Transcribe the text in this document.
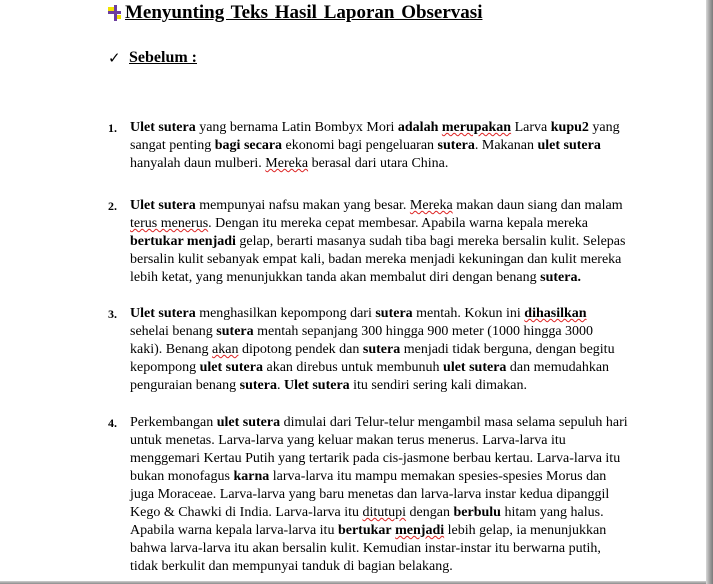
Menyunting Teks Hasil Laporan Observasi
✓ Sebelum :
1. Ulet sutera yang bernama Latin Bombyx Mori adalah merupakan Larva kupu2 yang sangat penting bagi secara ekonomi bagi pengeluaran sutera. Makanan ulet sutera hanyalah daun mulberi. Mereka berasal dari utara China.
2. Ulet sutera mempunyai nafsu makan yang besar. Mereka makan daun siang dan malam terus menerus. Dengan itu mereka cepat membesar. Apabila warna kepala mereka bertukar menjadi gelap, berarti masanya sudah tiba bagi mereka bersalin kulit. Selepas bersalin kulit sebanyak empat kali, badan mereka menjadi kekuningan dan kulit mereka lebih ketat, yang menunjukkan tanda akan membalut diri dengan benang sutera.
3. Ulet sutera menghasilkan kepompong dari sutera mentah. Kokun ini dihasilkan sehelai benang sutera mentah sepanjang 300 hingga 900 meter (1000 hingga 3000 kaki). Benang akan dipotong pendek dan sutera menjadi tidak berguna, dengan begitu kepompong ulet sutera akan direbus untuk membunuh ulet sutera dan memudahkan penguraian benang sutera. Ulet sutera itu sendiri sering kali dimakan.
4. Perkembangan ulet sutera dimulai dari Telur-telur mengambil masa selama sepuluh hari untuk menetas. Larva-larva yang keluar makan terus menerus. Larva-larva itu menggemari Kertau Putih yang tertarik pada cis-jasmone berbau kertau. Larva-larva itu bukan monofagus karna larva-larva itu mampu memakan spesies-spesies Morus dan juga Moraceae. Larva-larva yang baru menetas dan larva-larva instar kedua dipanggil Kego & Chawki di India. Larva-larva itu ditutupi dengan berbulu hitam yang halus. Apabila warna kepala larva-larva itu bertukar menjadi lebih gelap, ia menunjukkan bahwa larva-larva itu akan bersalin kulit. Kemudian instar-instar itu berwarna putih, tidak berkulit dan mempunyai tanduk di bagian belakang.
